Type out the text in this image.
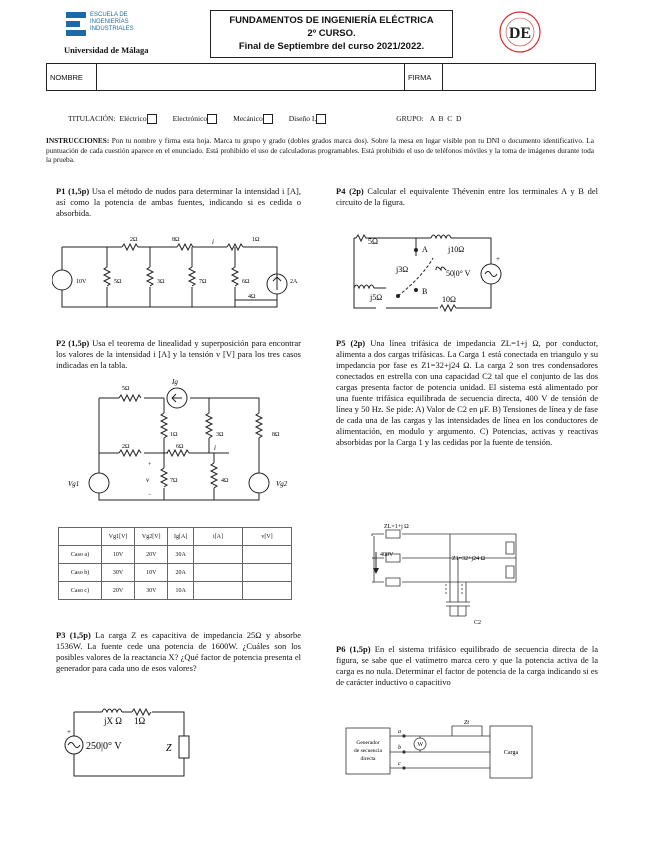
ESCUELA DE
INGENIERÍAS
INDUSTRIALES
Universidad de Málaga
FUNDAMENTOS DE INGENIERÍA ELÉCTRICA
2º CURSO.
Final de Septiembre del curso 2021/2022.
DE
NOMBRE	FIRMA
TITULACIÓN: Eléctrico	Electrónico	Mecánico	Diseño I.	GRUPO: A  B  C  D
INSTRUCCIONES: Pon tu nombre y firma esta hoja. Marca tu grupo y grado (dobles grados marca dos). Sobre la mesa en lugar visible pon tu DNI o documento identificativo. La puntuación de cada cuestión aparece en el enunciado. Está prohibido el uso de calculadoras programables. Está prohibido el uso de teléfonos móviles y la toma de imágenes durante toda la prueba.
P1 (1,5p) Usa el método de nudos para determinar la intensidad i [A], así como la potencia de ambas fuentes, indicando si es cedida o absorbida.
2Ω	8Ω	i	1Ω
10V	5Ω	3Ω	7Ω	6Ω	2A
4Ω
P2 (1,5p) Usa el teorema de linealidad y superposición para encontrar los valores de la intensidad i [A] y la tensión v [V] para los tres casos indicadas en la tabla.
5Ω
Ig
1Ω	3Ω	8Ω
2Ω	6Ω	i
v	7Ω	4Ω
Vg1	Vg2
+
−
	Vg1[V]	Vg2[V]	Ig[A]	i[A]	v[V]
Caso a)	10V	20V	30A		
Caso b)	30V	10V	20A		
Caso c)	20V	30V	10A		
P3 (1,5p) La carga Z es capacitiva de impedancia 25Ω y absorbe 1536W. La fuente cede una potencia de 1600W. ¿Cuáles son los posibles valores de la reactancia X? ¿Qué factor de potencia presenta el generador para cada uno de esos valores?
jX Ω 1Ω
250|0° V	Z
+
P4 (2p) Calcular el equivalente Thévenin entre los terminales A y B del circuito de la figura.
5Ω
A	j10Ω
j3Ω	50|0° V
B
j5Ω	10Ω
+
P5 (2p) Una línea trifásica de impedancia ZL=1+j Ω, por conductor, alimenta a dos cargas trifásicas. La Carga 1 está conectada en triangulo y su impedancia por fase es Z1=32+j24 Ω. La carga 2 son tres condensadores conectados en estrella con una capacidad C2 tal que el conjunto de las dos cargas presenta factor de potencia unidad. El sistema está alimentado por una fuente trifásica equilibrada de secuencia directa, 400 V de tensión de línea y 50 Hz. Se pide: A) Valor de C2 en μF. B) Tensiones de línea y de fase de cada una de las cargas y las intensidades de línea en los conductores de alimentación, en modulo y argumento. C) Potencias, activas y reactivas absorbidas por la Carga 1 y las cedidas por la fuente de tensión.
ZL=1+j Ω
400V
Z1=32+j24 Ω
C2
P6 (1,5p) En el sistema trifásico equilibrado de secuencia directa de la figura, se sabe que el vatímetro marca cero y que la potencia activa de la carga es no nula. Determinar el factor de potencia de la carga indicando si es de carácter inductivo o capacitivo
Generador
de secuencia
directa
a
b
c
W
Zt
Carga
